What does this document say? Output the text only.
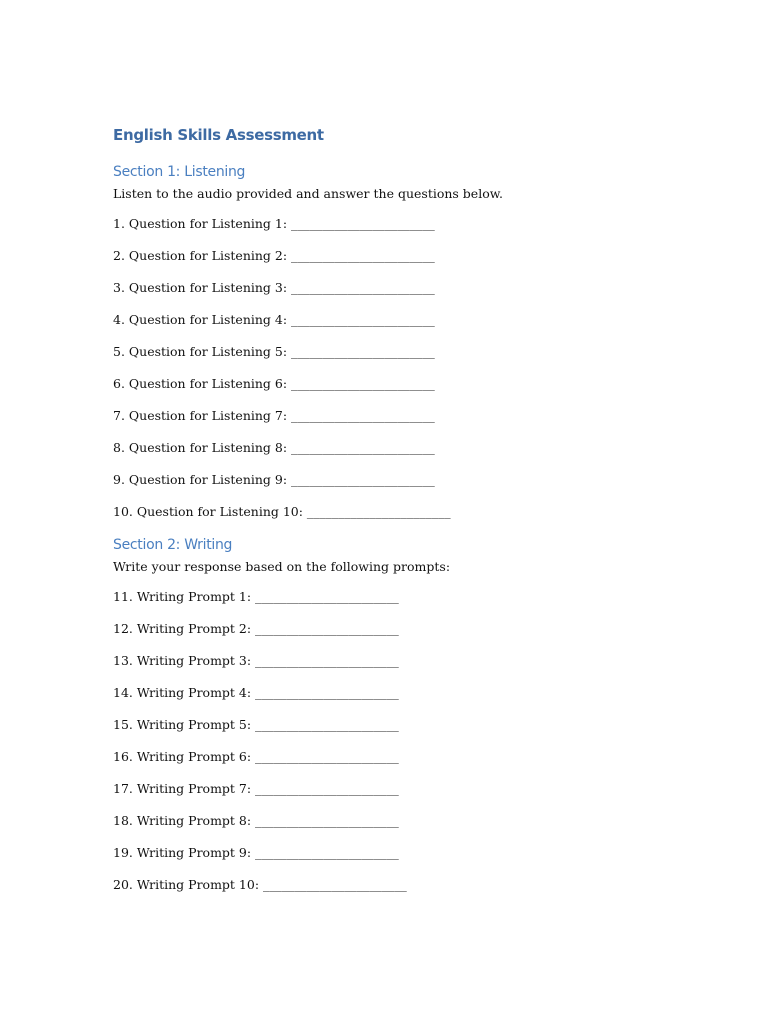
English Skills Assessment
Section 1: Listening

Listen to the audio provided and answer the questions below.

1. Question for Listening 1: _______________________
2. Question for Listening 2: _______________________
3. Question for Listening 3: _______________________
4. Question for Listening 4: _______________________
5. Question for Listening 5: _______________________
6. Question for Listening 6: _______________________
7. Question for Listening 7: _______________________
8. Question for Listening 8: _______________________
9. Question for Listening 9: _______________________
10. Question for Listening 10: _______________________
Section 2: Writing

Write your response based on the following prompts:

11. Writing Prompt 1: _______________________
12. Writing Prompt 2: _______________________
13. Writing Prompt 3: _______________________
14. Writing Prompt 4: _______________________
15. Writing Prompt 5: _______________________
16. Writing Prompt 6: _______________________
17. Writing Prompt 7: _______________________
18. Writing Prompt 8: _______________________
19. Writing Prompt 9: _______________________
20. Writing Prompt 10: _______________________
